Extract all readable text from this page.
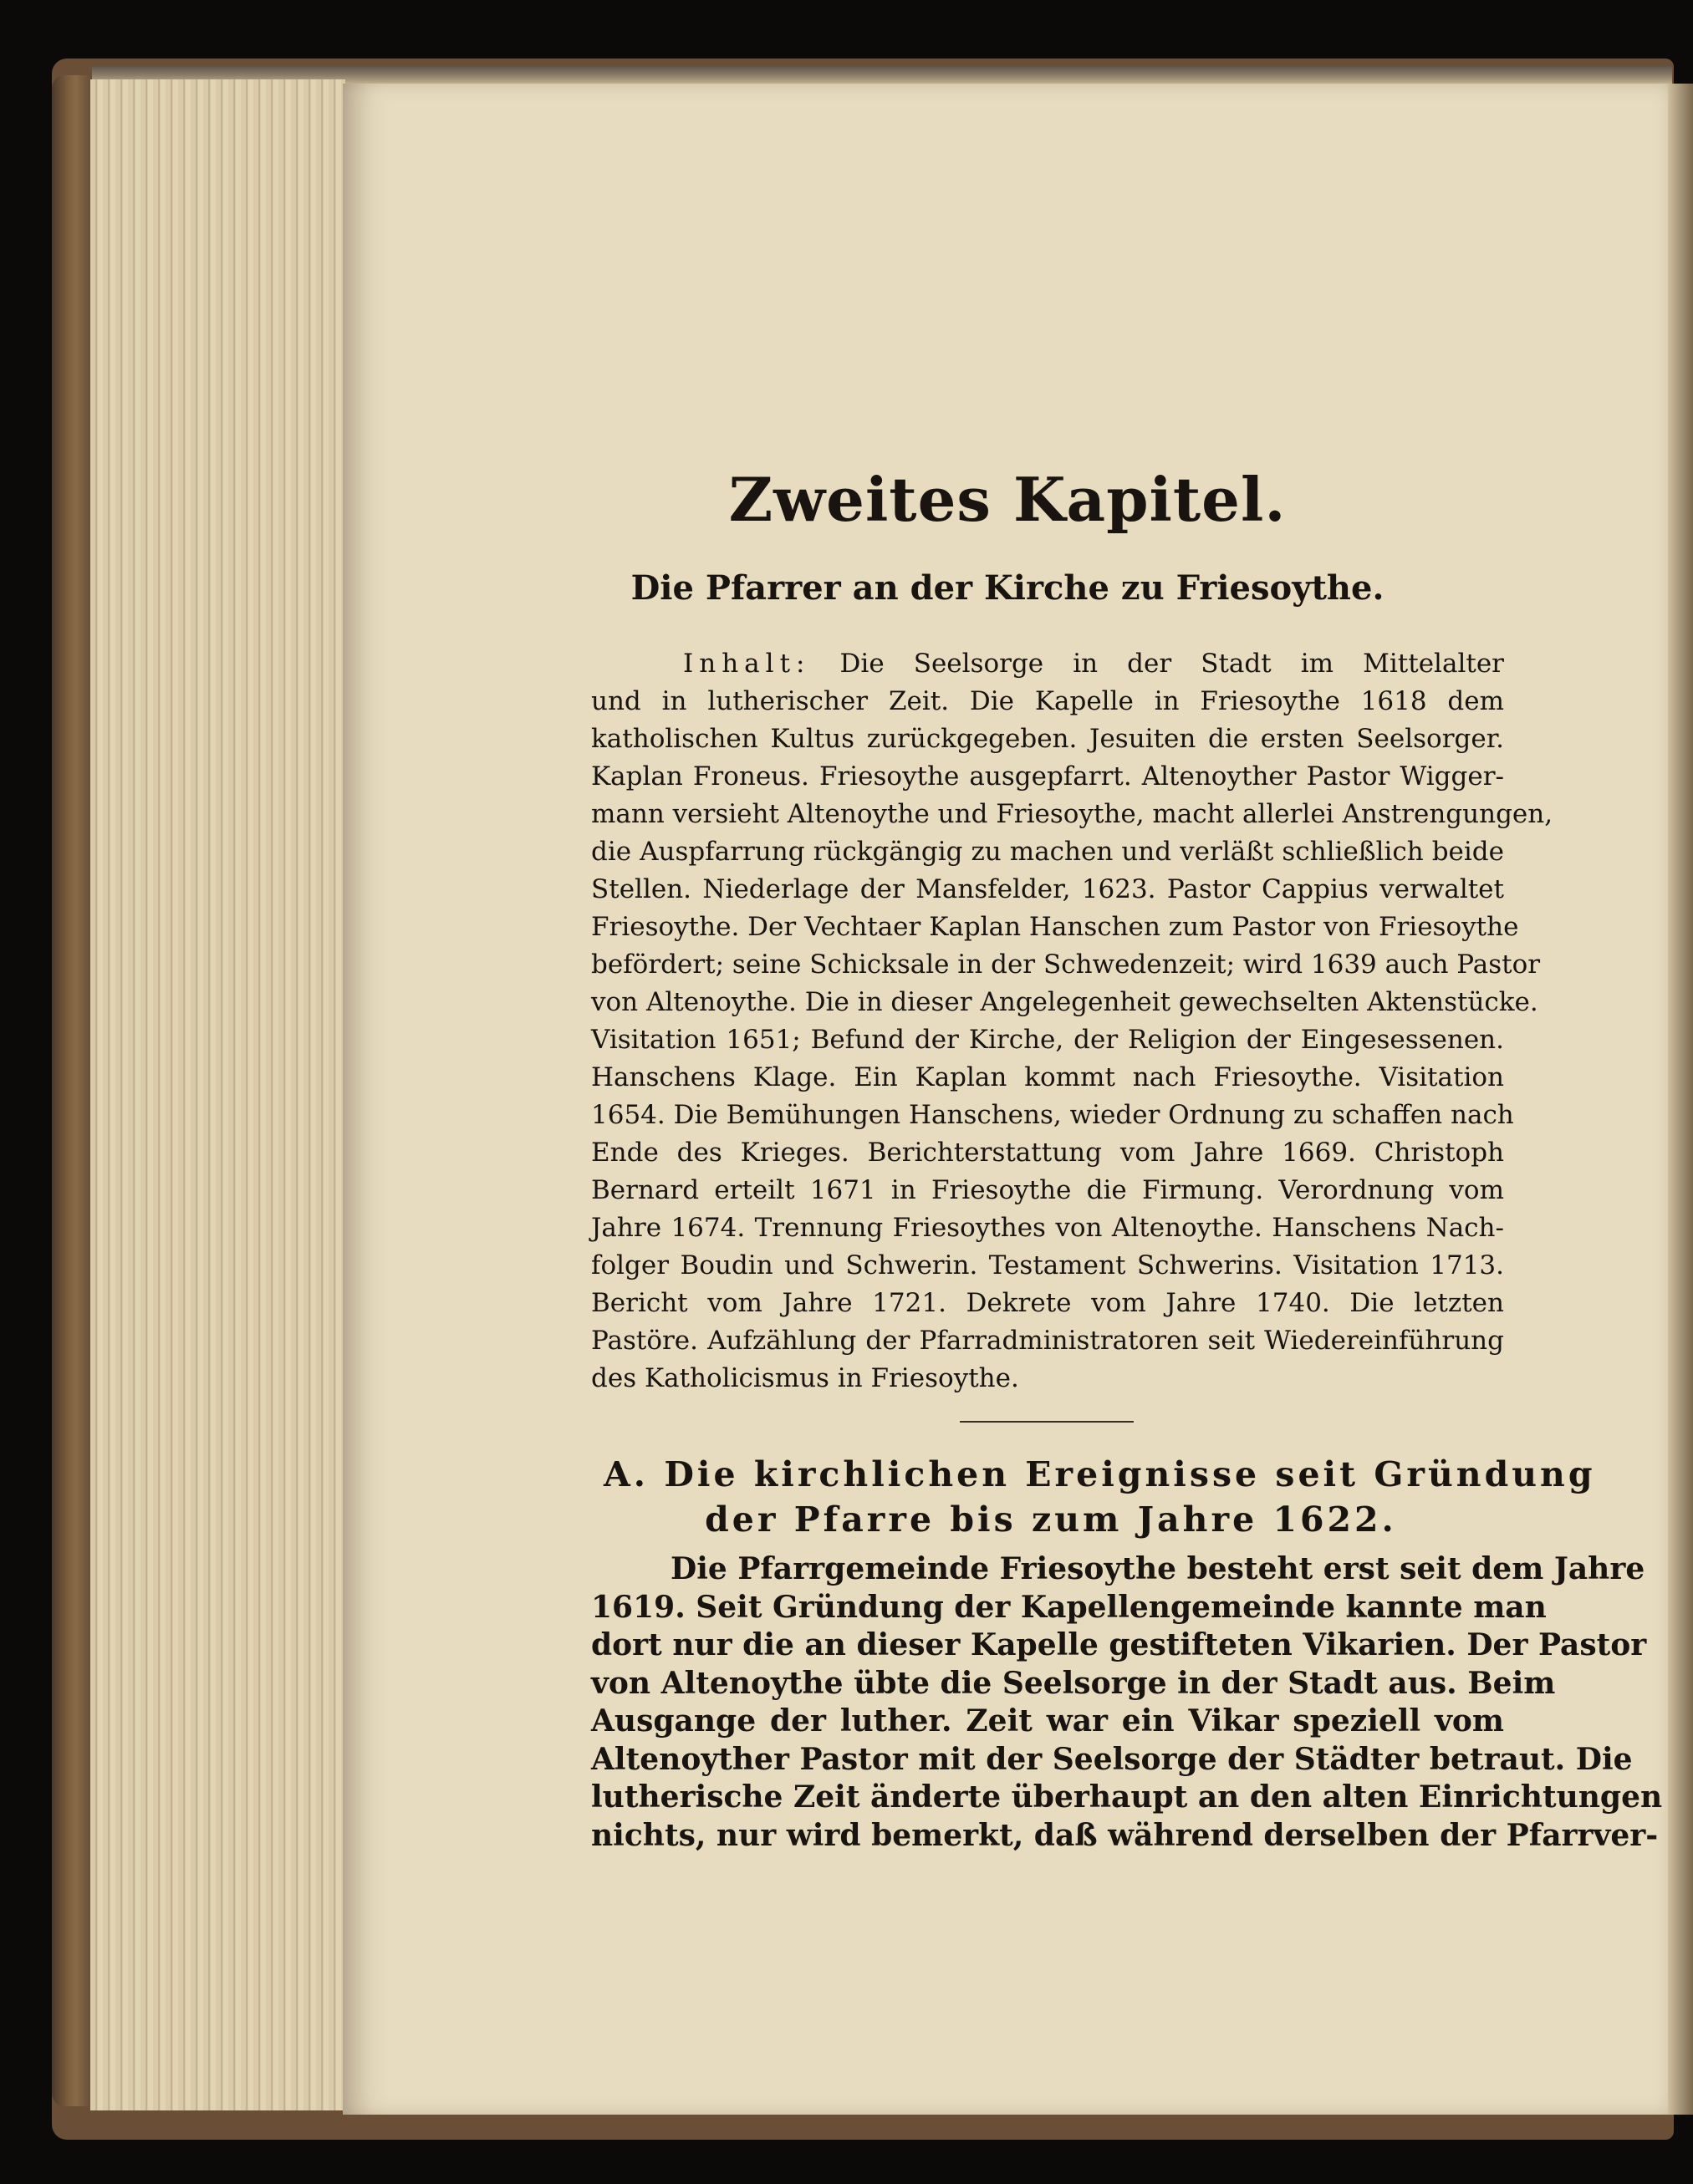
Zweites Kapitel.
Die Pfarrer an der Kirche zu Friesoythe.
Inhalt: Die Seelsorge in der Stadt im Mittelalter
und in lutherischer Zeit. Die Kapelle in Friesoythe 1618 dem
katholischen Kultus zurückgegeben. Jesuiten die ersten Seelsorger.
Kaplan Froneus. Friesoythe ausgepfarrt. Altenoyther Pastor Wigger-
mann versieht Altenoythe und Friesoythe, macht allerlei Anstrengungen,
die Auspfarrung rückgängig zu machen und verläßt schließlich beide
Stellen. Niederlage der Mansfelder, 1623. Pastor Cappius verwaltet
Friesoythe. Der Vechtaer Kaplan Hanschen zum Pastor von Friesoythe
befördert; seine Schicksale in der Schwedenzeit; wird 1639 auch Pastor
von Altenoythe. Die in dieser Angelegenheit gewechselten Aktenstücke.
Visitation 1651; Befund der Kirche, der Religion der Eingesessenen.
Hanschens Klage. Ein Kaplan kommt nach Friesoythe. Visitation
1654. Die Bemühungen Hanschens, wieder Ordnung zu schaffen nach
Ende des Krieges. Berichterstattung vom Jahre 1669. Christoph
Bernard erteilt 1671 in Friesoythe die Firmung. Verordnung vom
Jahre 1674. Trennung Friesoythes von Altenoythe. Hanschens Nach-
folger Boudin und Schwerin. Testament Schwerins. Visitation 1713.
Bericht vom Jahre 1721. Dekrete vom Jahre 1740. Die letzten
Pastöre. Aufzählung der Pfarradministratoren seit Wiedereinführung
des Katholicismus in Friesoythe.
A. Die kirchlichen Ereignisse seit Gründung
der Pfarre bis zum Jahre 1622.
Die Pfarrgemeinde Friesoythe besteht erst seit dem Jahre
1619. Seit Gründung der Kapellengemeinde kannte man
dort nur die an dieser Kapelle gestifteten Vikarien. Der Pastor
von Altenoythe übte die Seelsorge in der Stadt aus. Beim
Ausgange der luther. Zeit war ein Vikar speziell vom
Altenoyther Pastor mit der Seelsorge der Städter betraut. Die
lutherische Zeit änderte überhaupt an den alten Einrichtungen
nichts, nur wird bemerkt, daß während derselben der Pfarrver-
